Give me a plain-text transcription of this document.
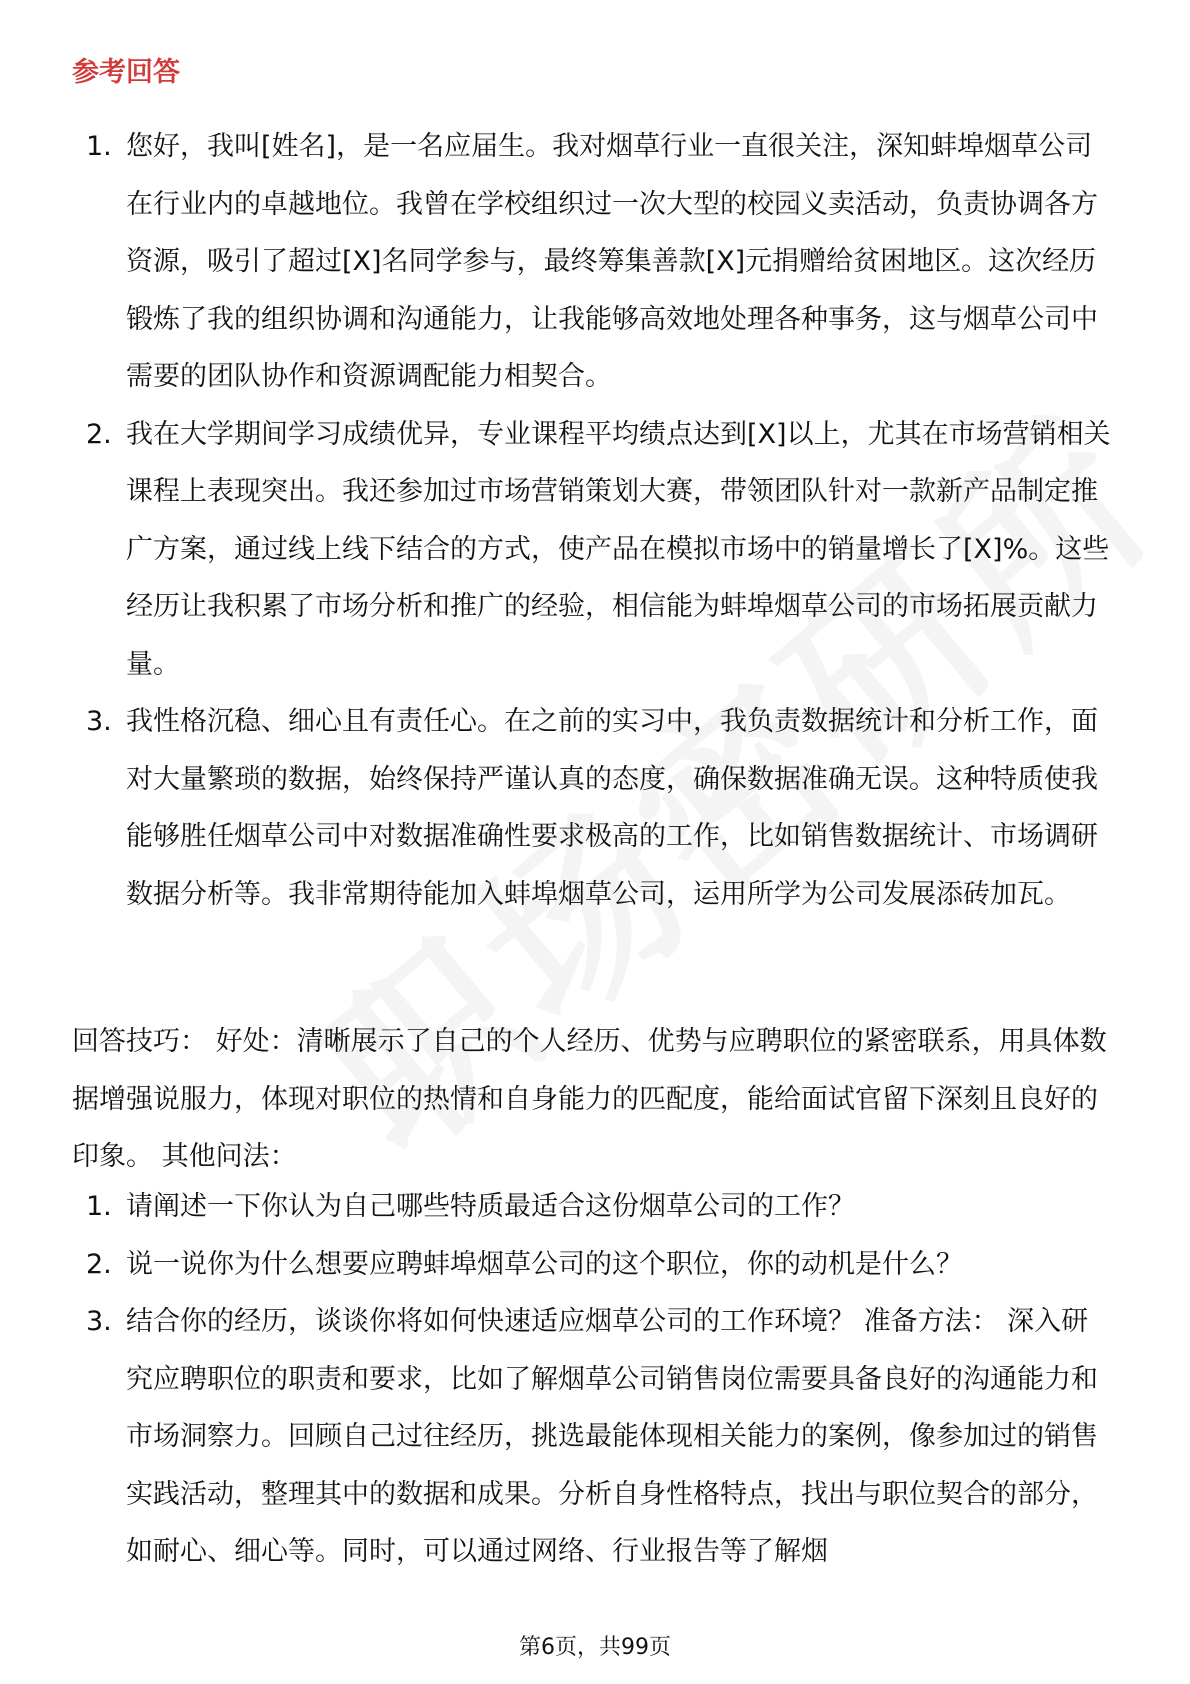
参考回答
1. 您好，我叫[姓名]，是一名应届生。我对烟草行业一直很关注，深知蚌埠烟草公司在行业内的卓越地位。我曾在学校组织过一次大型的校园义卖活动，负责协调各方资源，吸引了超过[X]名同学参与，最终筹集善款[X]元捐赠给贫困地区。这次经历锻炼了我的组织协调和沟通能力，让我能够高效地处理各种事务，这与烟草公司中需要的团队协作和资源调配能力相契合。
2. 我在大学期间学习成绩优异，专业课程平均绩点达到[X]以上，尤其在市场营销相关课程上表现突出。我还参加过市场营销策划大赛，带领团队针对一款新产品制定推广方案，通过线上线下结合的方式，使产品在模拟市场中的销量增长了[X]%。这些经历让我积累了市场分析和推广的经验，相信能为蚌埠烟草公司的市场拓展贡献力量。
3. 我性格沉稳、细心且有责任心。在之前的实习中，我负责数据统计和分析工作，面对大量繁琐的数据，始终保持严谨认真的态度，确保数据准确无误。这种特质使我能够胜任烟草公司中对数据准确性要求极高的工作，比如销售数据统计、市场调研数据分析等。我非常期待能加入蚌埠烟草公司，运用所学为公司发展添砖加瓦。

回答技巧： 好处：清晰展示了自己的个人经历、优势与应聘职位的紧密联系，用具体数据增强说服力，体现对职位的热情和自身能力的匹配度，能给面试官留下深刻且良好的印象。 其他问法：

1. 请阐述一下你认为自己哪些特质最适合这份烟草公司的工作？
2. 说一说你为什么想要应聘蚌埠烟草公司的这个职位，你的动机是什么？
3. 结合你的经历，谈谈你将如何快速适应烟草公司的工作环境？ 准备方法： 深入研究应聘职位的职责和要求，比如了解烟草公司销售岗位需要具备良好的沟通能力和市场洞察力。回顾自己过往经历，挑选最能体现相关能力的案例，像参加过的销售实践活动，整理其中的数据和成果。分析自身性格特点，找出与职位契合的部分，如耐心、细心等。同时，可以通过网络、行业报告等了解烟
第6页，共99页
